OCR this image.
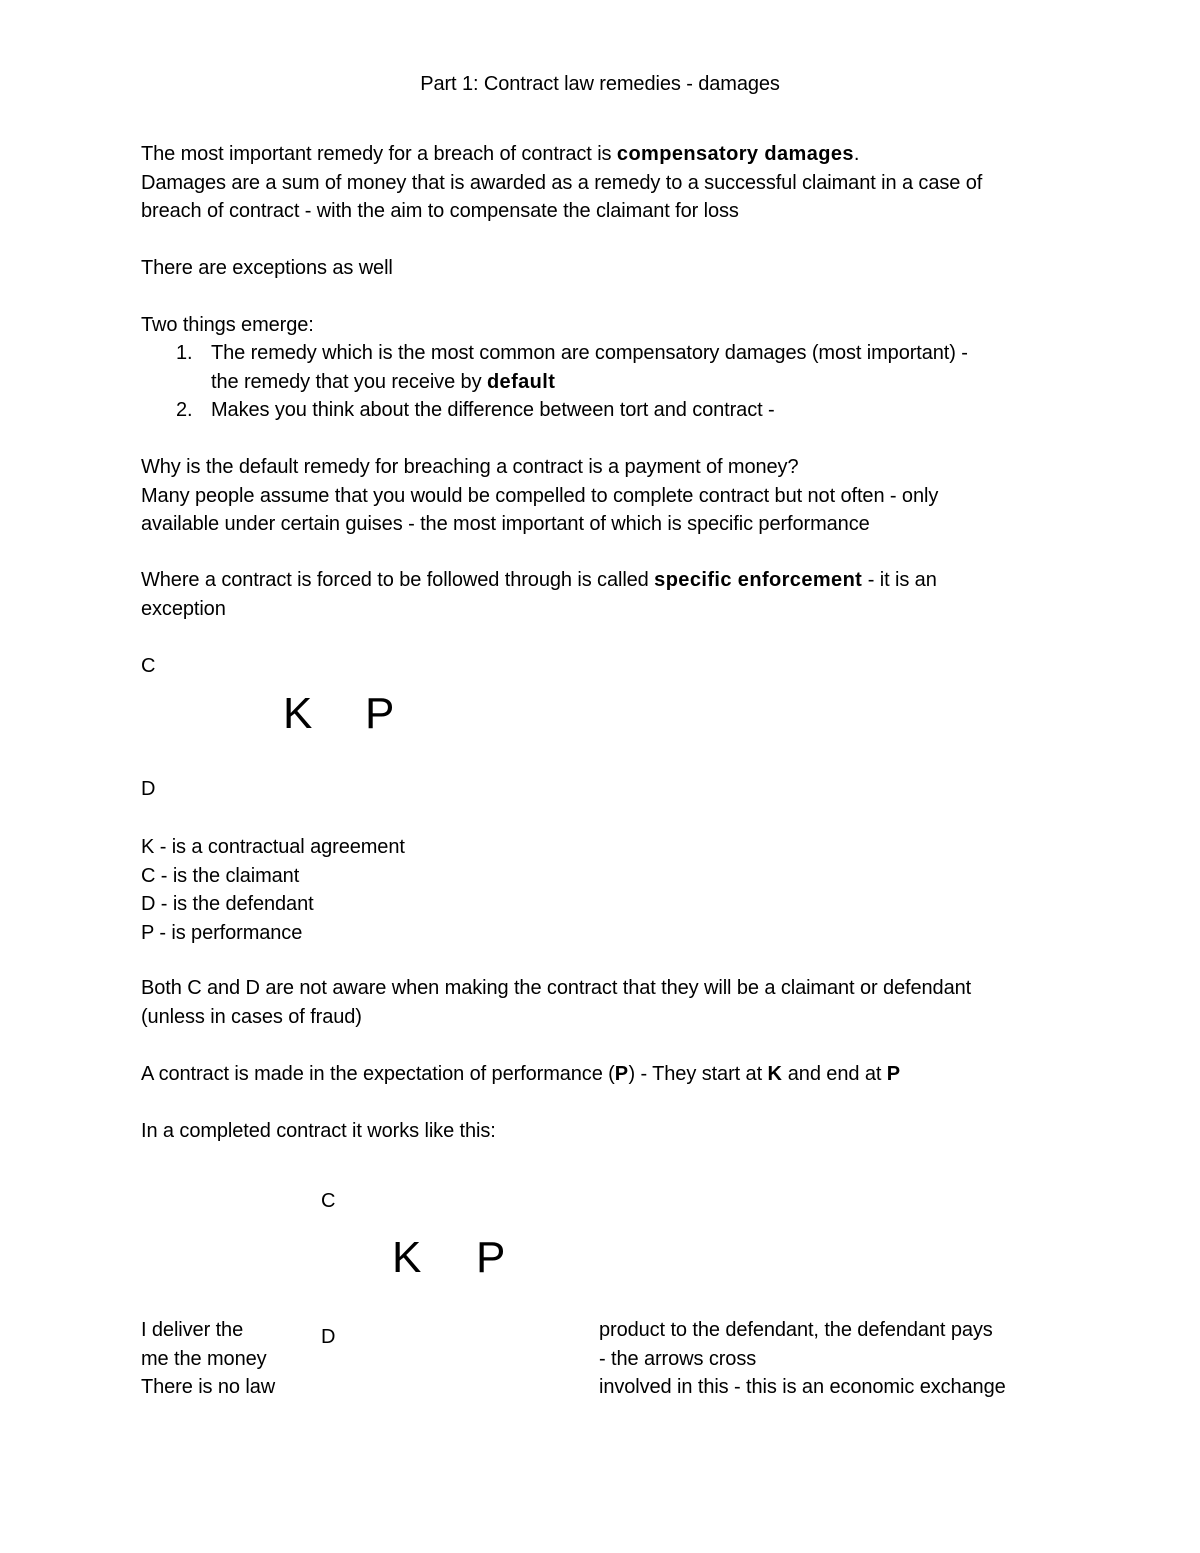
Part 1: Contract law remedies - damages
The most important remedy for a breach of contract is compensatory damages.
Damages are a sum of money that is awarded as a remedy to a successful claimant in a case of
breach of contract - with the aim to compensate the claimant for loss
There are exceptions as well
Two things emerge:
1. The remedy which is the most common are compensatory damages (most important) -
the remedy that you receive by default
2. Makes you think about the difference between tort and contract -
Why is the default remedy for breaching a contract is a payment of money?
Many people assume that you would be compelled to complete contract but not often - only
available under certain guises - the most important of which is specific performance
Where a contract is forced to be followed through is called specific enforcement - it is an
exception
C
K P
D
K - is a contractual agreement
C - is the claimant
D - is the defendant
P - is performance
Both C and D are not aware when making the contract that they will be a claimant or defendant
(unless in cases of fraud)
A contract is made in the expectation of performance (P) - They start at K and end at P
In a completed contract it works like this:
C
K P
D
I deliver the
me the money
There is no law
product to the defendant, the defendant pays
- the arrows cross
involved in this - this is an economic exchange
